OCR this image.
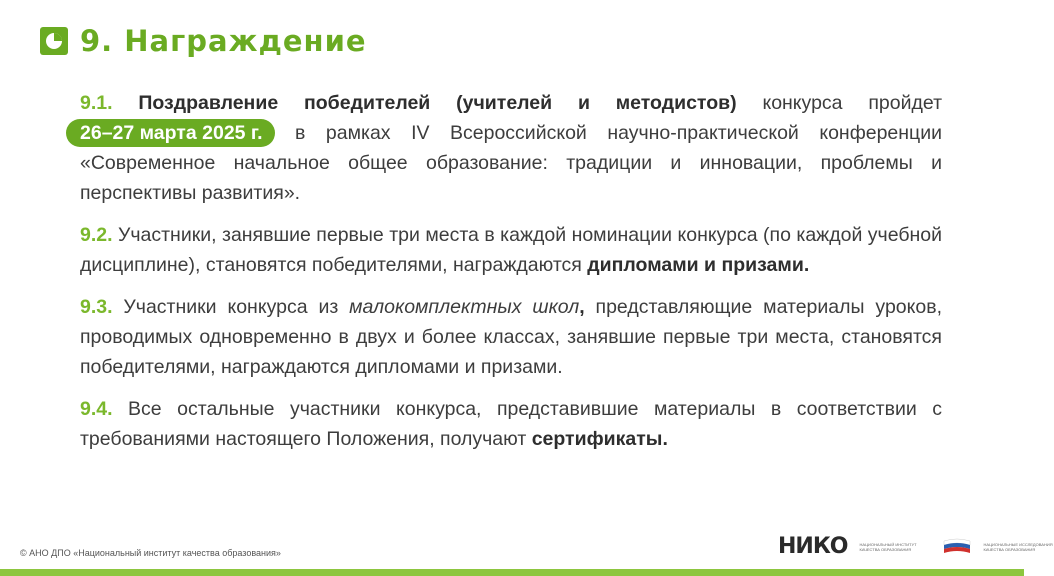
9. Награждение

9.1. Поздравление победителей (учителей и методистов) конкурса пройдет 26–27 марта 2025 г. в рамках IV Всероссийской научно-практической конференции «Современное начальное общее образование: традиции и инновации, проблемы и перспективы развития».

9.2. Участники, занявшие первые три места в каждой номинации конкурса (по каждой учебной дисциплине), становятся победителями, награждаются дипломами и призами.

9.3. Участники конкурса из малокомплектных школ, представляющие материалы уроков, проводимых одновременно в двух и более классах, занявшие первые три места, становятся победителями, награждаются дипломами и призами.

9.4. Все остальные участники конкурса, представившие материалы в соответствии с требованиями настоящего Положения, получают сертификаты.

© АНО ДПО «Национальный институт качества образования»	НИКО	НАЦИОНАЛЬНЫЙ ИНСТИТУТ КАЧЕСТВА ОБРАЗОВАНИЯ
НАЦИОНАЛЬНЫЕ ИССЛЕДОВАНИЯ КАЧЕСТВА ОБРАЗОВАНИЯ
